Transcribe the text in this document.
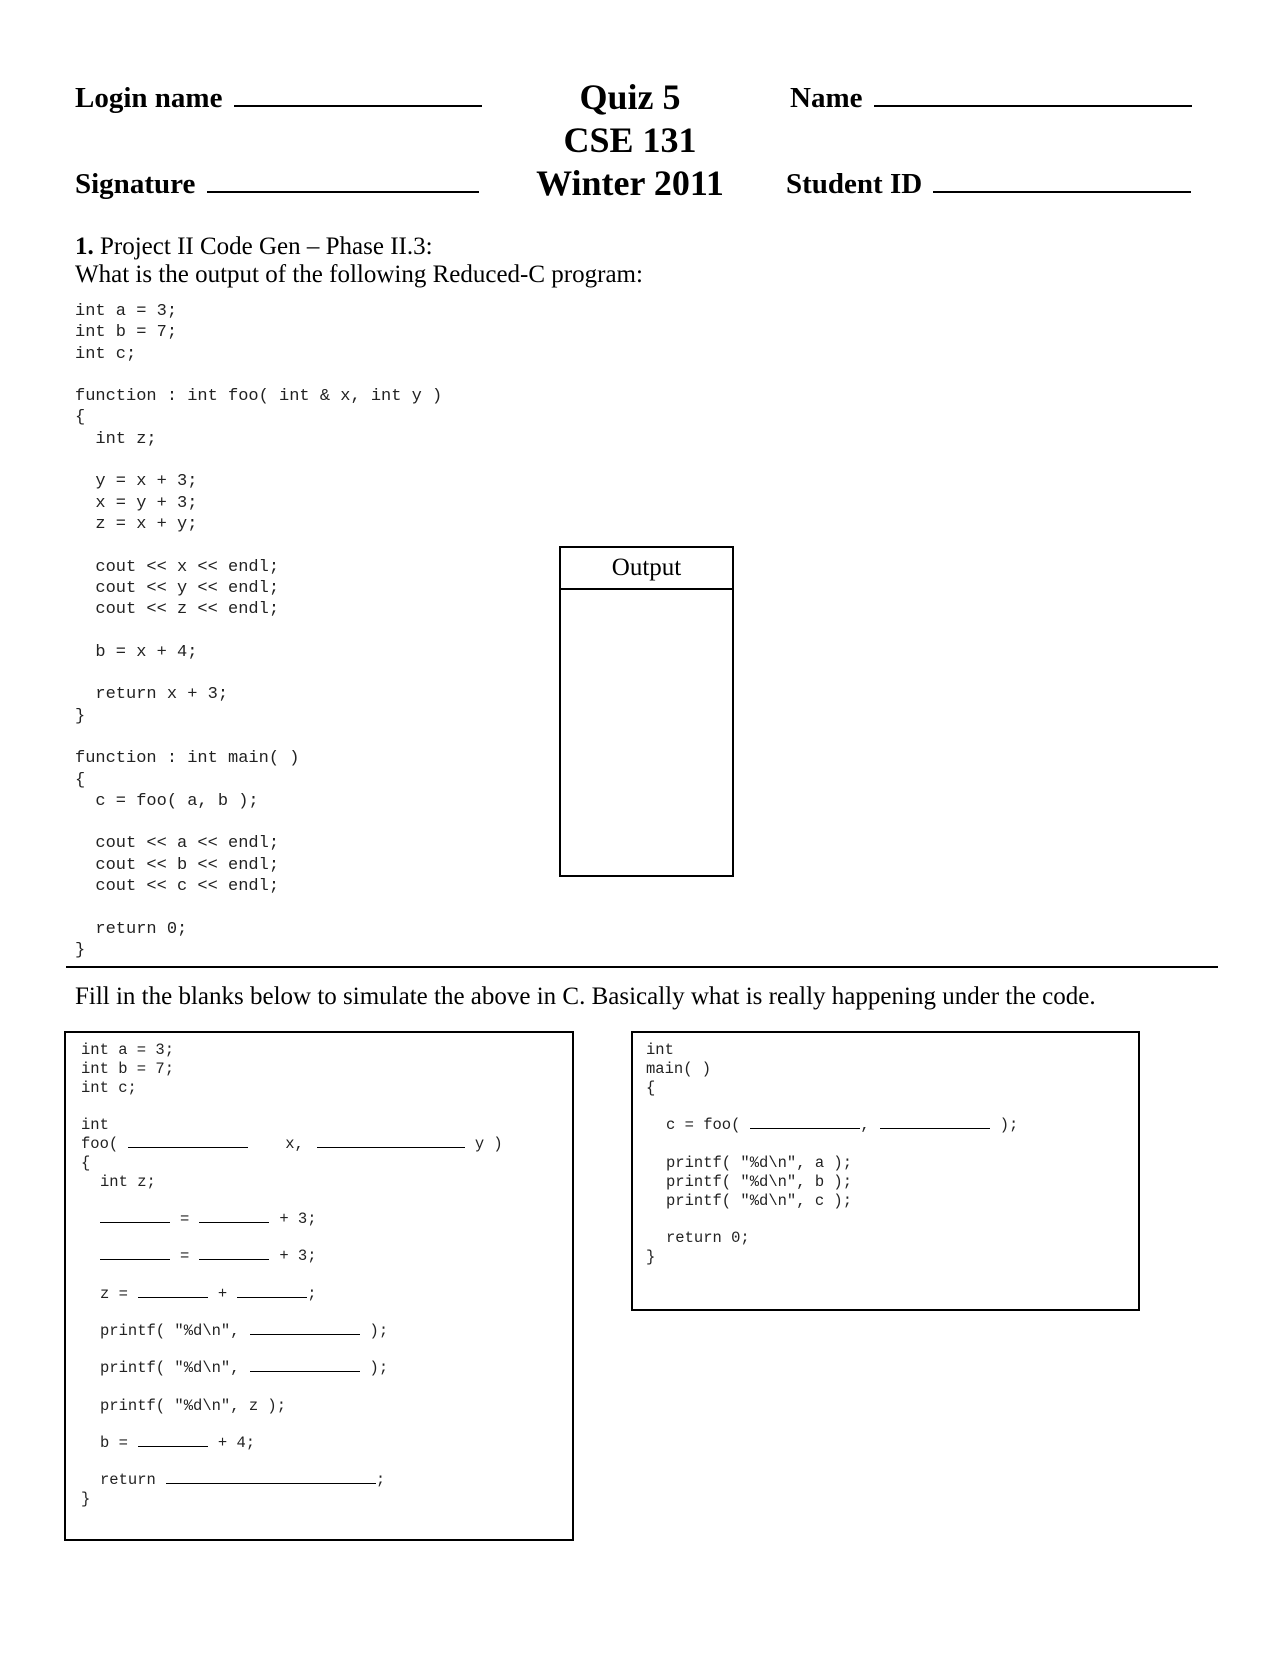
Login name
Signature
Quiz 5
CSE 131
Winter 2011
Name
Student ID
1. Project II Code Gen – Phase II.3:
What is the output of the following Reduced-C program:
int a = 3;
int b = 7;
int c;

function : int foo( int & x, int y )
{
int z;

y = x + 3;
x = y + 3;
z = x + y;

cout << x << endl;
cout << y << endl;
cout << z << endl;

b = x + 4;

return x + 3;
}

function : int main( )
{
c = foo( a, b );

cout << a << endl;
cout << b << endl;
cout << c << endl;

return 0;
}
Output
Fill in the blanks below to simulate the above in C. Basically what is really happening under the code.
int a = 3;
int b = 7;
int c;
int
foo(	x,	y )
{
int z;
=	+ 3;
=	+ 3;
z =	+	;
printf( "%d\n",	);
printf( "%d\n",	);
printf( "%d\n", z );
b =	+ 4;
return	;
}
int
main( )
{
c = foo(	,	);
printf( "%d\n", a );
printf( "%d\n", b );
printf( "%d\n", c );
return 0;
}
